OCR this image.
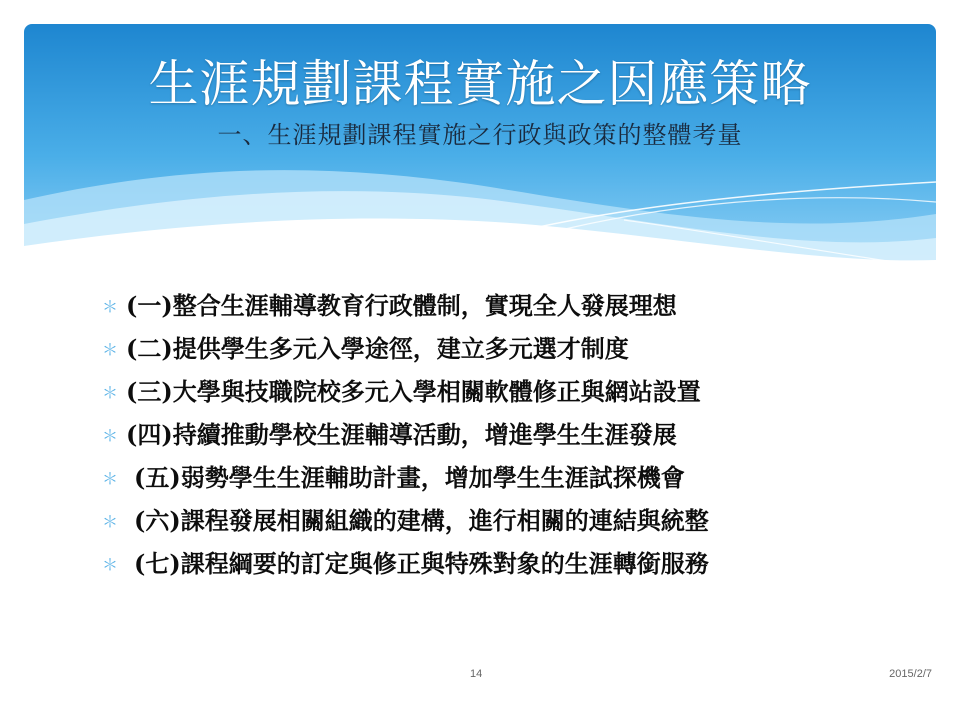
生涯規劃課程實施之因應策略
一、生涯規劃課程實施之行政與政策的整體考量
＊ (一)整合生涯輔導教育行政體制，實現全人發展理想
＊ (二)提供學生多元入學途徑，建立多元選才制度
＊ (三)大學與技職院校多元入學相關軟體修正與網站設置
＊ (四)持續推動學校生涯輔導活動，增進學生生涯發展
＊ (五)弱勢學生生涯輔助計畫，增加學生生涯試探機會
＊ (六)課程發展相關組織的建構，進行相關的連結與統整
＊ (七)課程綱要的訂定與修正與特殊對象的生涯轉銜服務
14	2015/2/7
